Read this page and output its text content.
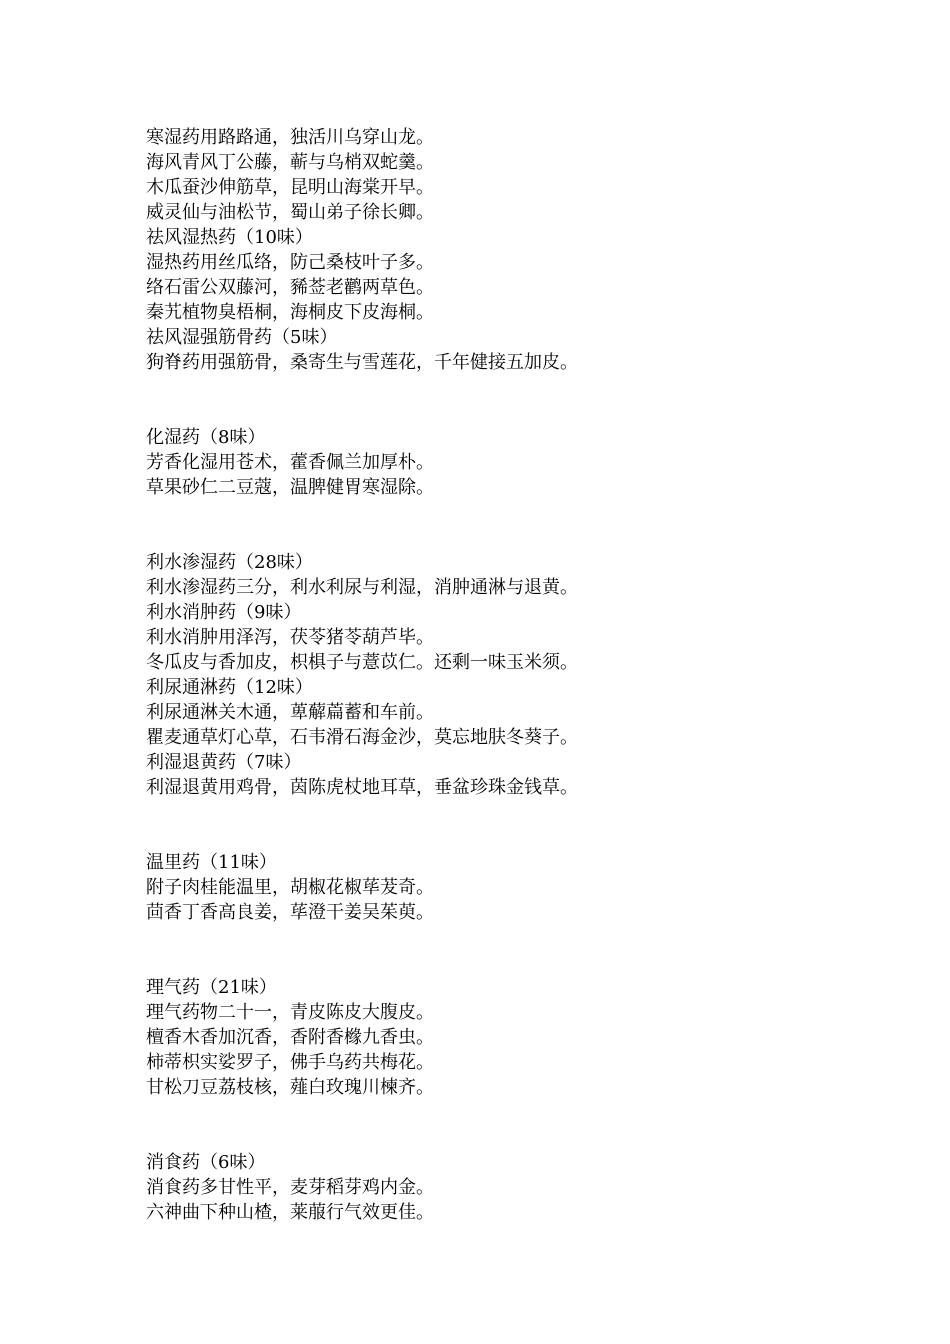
寒湿药用路路通，独活川乌穿山龙。
海风青风丁公藤，蕲与乌梢双蛇羹。
木瓜蚕沙伸筋草，昆明山海棠开早。
威灵仙与油松节，蜀山弟子徐长卿。
祛风湿热药（10味）
湿热药用丝瓜络，防己桑枝叶子多。
络石雷公双藤河，豨莶老鹳两草色。
秦艽植物臭梧桐，海桐皮下皮海桐。
祛风湿强筋骨药（5味）
狗脊药用强筋骨，桑寄生与雪莲花，千年健接五加皮。
化湿药（8味）
芳香化湿用苍术，藿香佩兰加厚朴。
草果砂仁二豆蔻，温脾健胃寒湿除。
利水渗湿药（28味）
利水渗湿药三分，利水利尿与利湿，消肿通淋与退黄。
利水消肿药（9味）
利水消肿用泽泻，茯苓猪苓葫芦毕。
冬瓜皮与香加皮，枳椇子与薏苡仁。还剩一味玉米须。
利尿通淋药（12味）
利尿通淋关木通，萆薢萹蓄和车前。
瞿麦通草灯心草，石韦滑石海金沙，莫忘地肤冬葵子。
利湿退黄药（7味）
利湿退黄用鸡骨，茵陈虎杖地耳草，垂盆珍珠金钱草。
温里药（11味）
附子肉桂能温里，胡椒花椒荜茇奇。
茴香丁香高良姜，荜澄干姜吴茱萸。
理气药（21味）
理气药物二十一，青皮陈皮大腹皮。
檀香木香加沉香，香附香橼九香虫。
柿蒂枳实娑罗子，佛手乌药共梅花。
甘松刀豆荔枝核，薤白玫瑰川楝齐。
消食药（6味）
消食药多甘性平，麦芽稻芽鸡内金。
六神曲下种山楂，莱菔行气效更佳。
